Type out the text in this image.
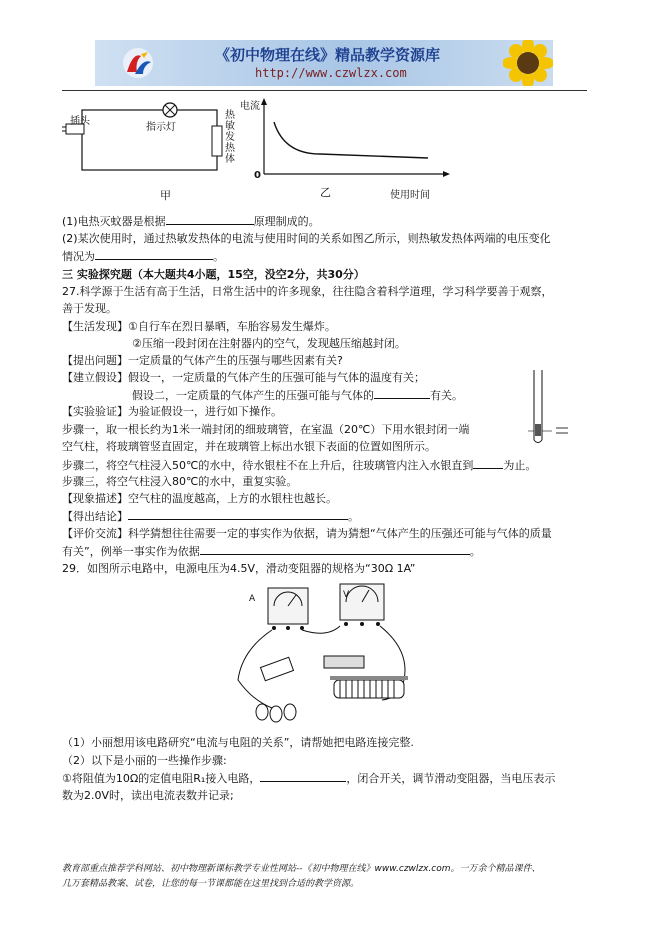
《初中物理在线》精品教学资源库
http://www.czwlzx.com
插头
指示灯
热敏发热体
甲
电流
0
乙	使用时间
(1)电热灭蚊器是根据	原理制成的。
(2)某次使用时，通过热敏发热体的电流与使用时间的关系如图乙所示，则热敏发热体两端的电压变化
情况为	。
三 实验探究题（本大题共4小题，15空，没空2分，共30分）
27.科学源于生活有高于生活，日常生活中的许多现象，往往隐含着科学道理，学习科学要善于观察，
善于发现。
【生活发现】①自行车在烈日暴晒，车胎容易发生爆炸。
②压缩一段封闭在注射器内的空气，发现越压缩越封闭。
【提出问题】一定质量的气体产生的压强与哪些因素有关?
【建立假设】假设一，一定质量的气体产生的压强可能与气体的温度有关；
假设二，一定质量的气体产生的压强可能与气体的	有关。
【实验验证】为验证假设一，进行如下操作。
步骤一，取一根长约为1米一端封闭的细玻璃管，在室温（20℃）下用水银封闭一端
空气柱，将玻璃管竖直固定，并在玻璃管上标出水银下表面的位置如图所示。
步骤二，将空气柱浸入50℃的水中，待水银柱不在上升后，往玻璃管内注入水银直到	为止。
步骤三，将空气柱浸入80℃的水中，重复实验。
【现象描述】空气柱的温度越高，上方的水银柱也越长。
【得出结论】	。
【评价交流】科学猜想往往需要一定的事实作为依据，请为猜想“气体产生的压强还可能与气体的质量
有关”，例举一事实作为依据	。
29．如图所示电路中，电源电压为4.5V，滑动变阻器的规格为“30Ω 1A”
A	V
（1）小丽想用该电路研究“电流与电阻的关系”，请帮她把电路连接完整.
（2）以下是小丽的一些操作步骤:
①将阻值为10Ω的定值电阻R₁接入电路，	，闭合开关，调节滑动变阻器，当电压表示
数为2.0V时，读出电流表数并记录;
教育部重点推荐学科网站、初中物理新课标教学专业性网站--《初中物理在线》www.czwlzx.com。一万余个精品课件、
几万套精品教案、试卷，让您的每一节课都能在这里找到合适的教学资源。
